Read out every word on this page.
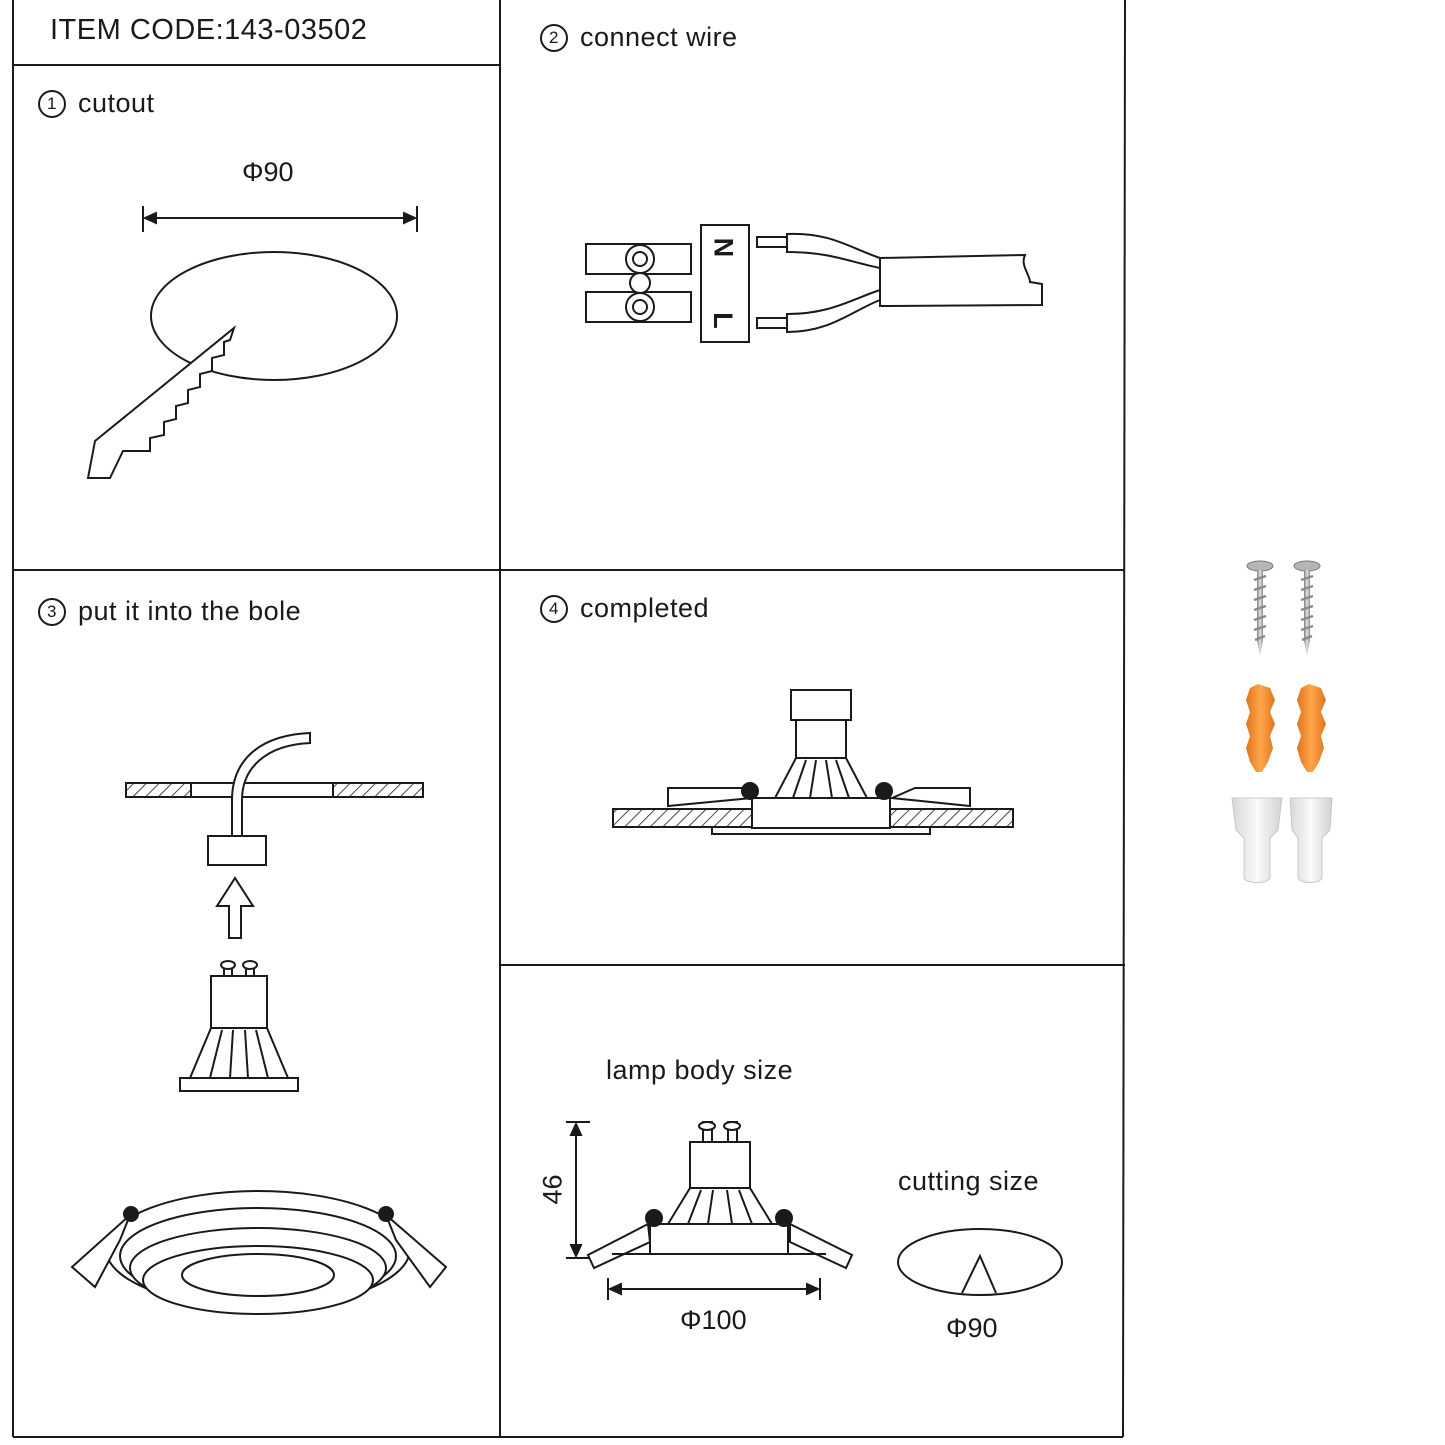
ITEM CODE:143-03502
1 cutout
2 connect wire
3 put it into the bole	4 completed
Φ90
N
L
lamp body size
46
Φ100
cutting size
Φ90
